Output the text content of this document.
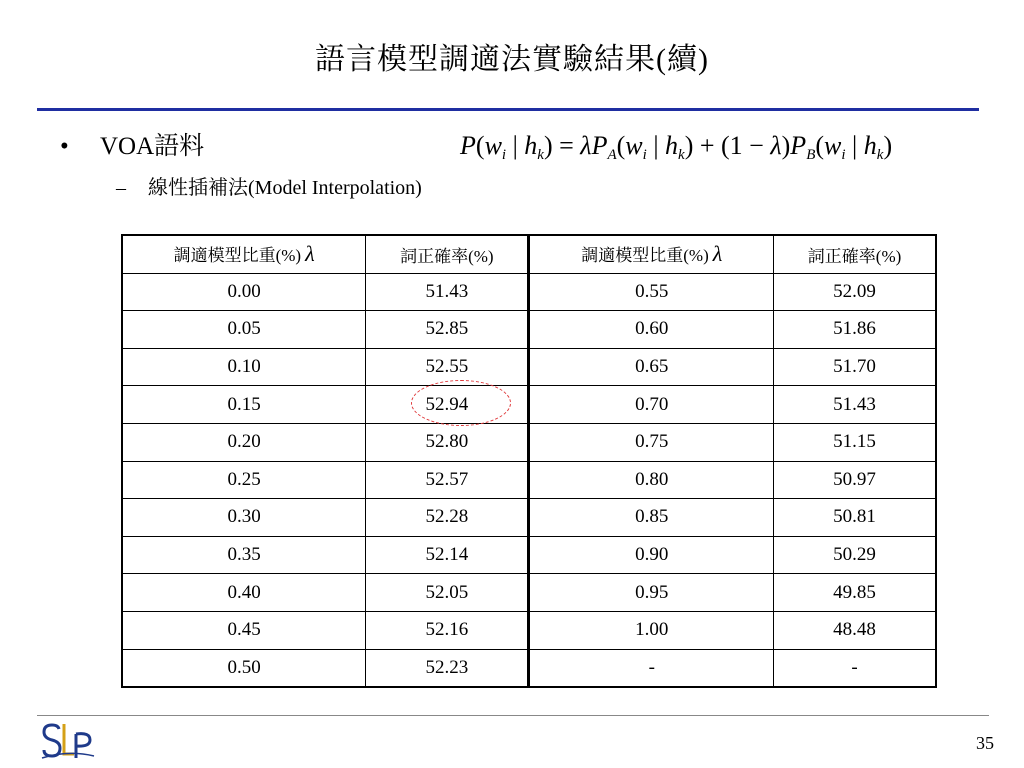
語言模型調適法實驗結果(續)
• VOA語料
– 線性插補法(Model Interpolation)
$P(w_i$ | $h_k) = \lambda P_A(w_i$ | $h_k) + (1 - \lambda)P_B(w_i$ | $h_k$)
調適模型比重(%) λ	詞正確率(%)	調適模型比重(%) λ	詞正確率(%)
0.00	51.43	0.55	52.09
0.05	52.85	0.60	51.86
0.10	52.55	0.65	51.70
0.15	52.94	0.70	51.43
0.20	52.80	0.75	51.15
0.25	52.57	0.80	50.97
0.30	52.28	0.85	50.81
0.35	52.14	0.90	50.29
0.40	52.05	0.95	49.85
0.45	52.16	1.00	48.48
0.50	52.23	-	-
35
